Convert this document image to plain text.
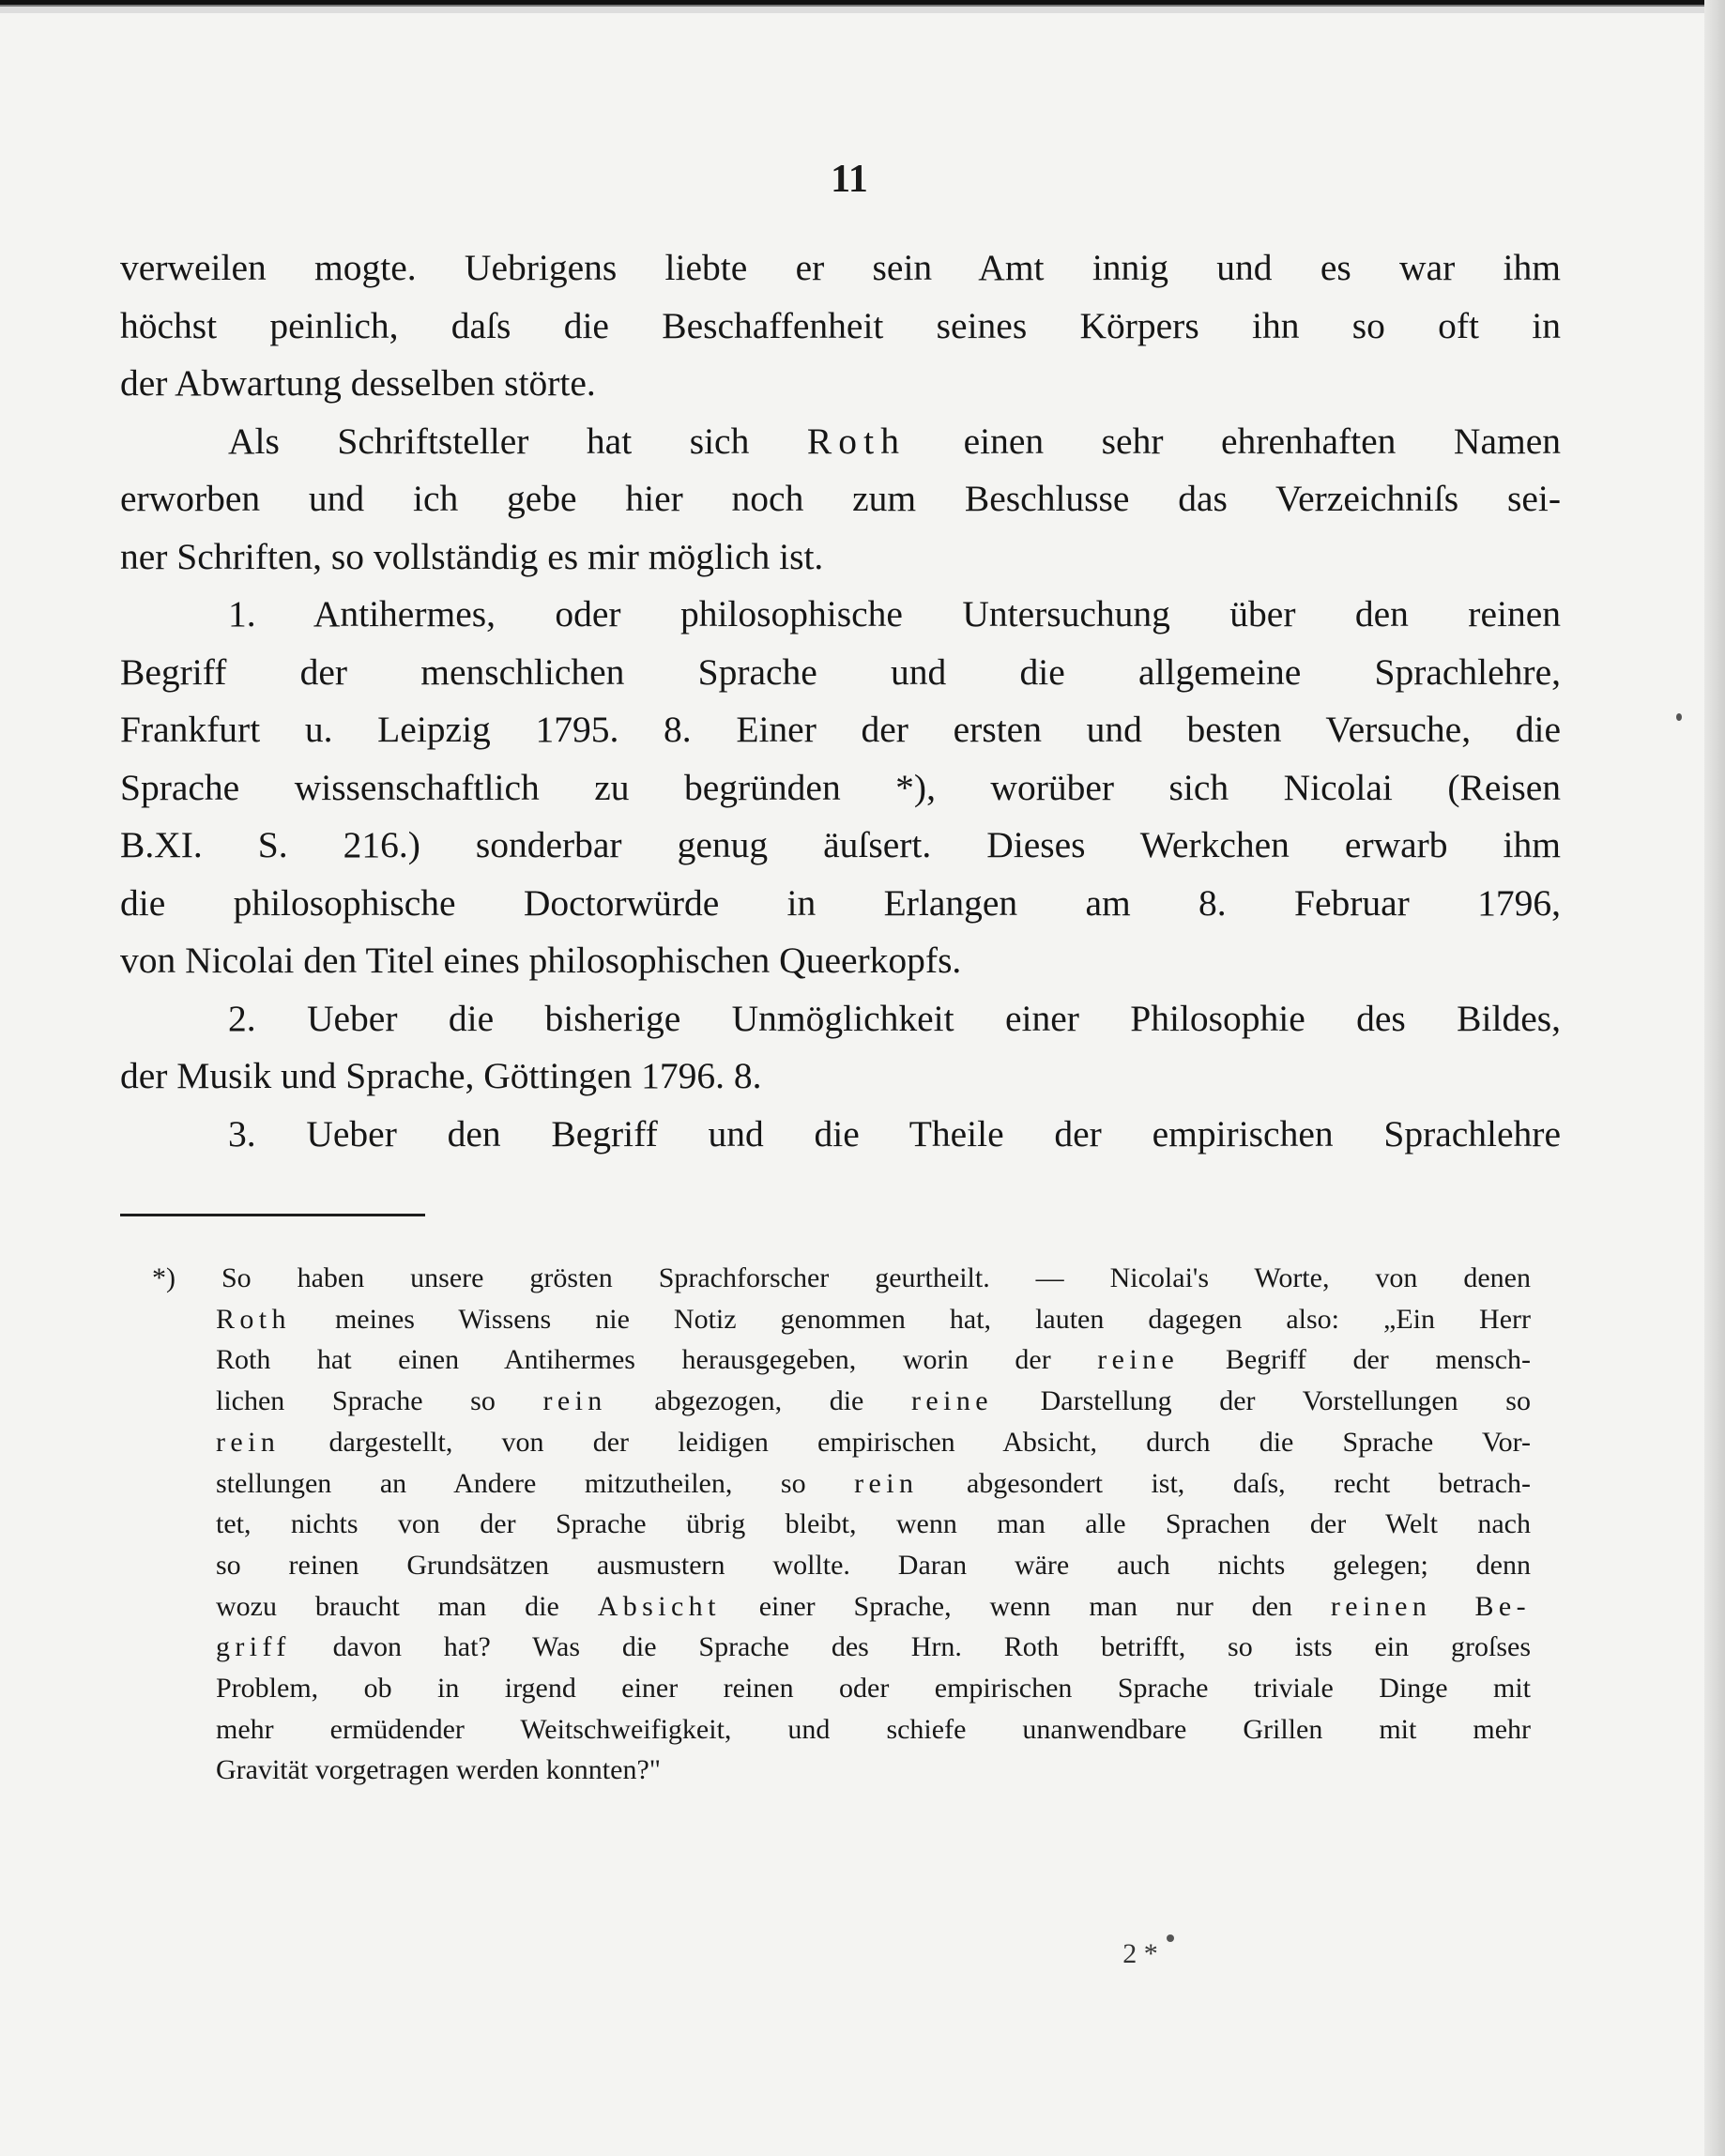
11
verweilen mogte. Uebrigens liebte er sein Amt innig und es war ihm
höchst peinlich, daſs die Beschaffenheit seines Körpers ihn so oft in
der Abwartung desselben störte.
Als Schriftsteller hat sich Roth einen sehr ehrenhaften Namen
erworben und ich gebe hier noch zum Beschlusse das Verzeichniſs sei-
ner Schriften, so vollständig es mir möglich ist.
1. Antihermes, oder philosophische Untersuchung über den reinen
Begriff der menschlichen Sprache und die allgemeine Sprachlehre,
Frankfurt u. Leipzig 1795. 8. Einer der ersten und besten Versuche, die
Sprache wissenschaftlich zu begründen *), worüber sich Nicolai (Reisen
B.XI. S. 216.) sonderbar genug äuſsert. Dieses Werkchen erwarb ihm
die philosophische Doctorwürde in Erlangen am 8. Februar 1796,
von Nicolai den Titel eines philosophischen Queerkopfs.
2. Ueber die bisherige Unmöglichkeit einer Philosophie des Bildes,
der Musik und Sprache, Göttingen 1796. 8.
3. Ueber den Begriff und die Theile der empirischen Sprachlehre
*) So haben unsere grösten Sprachforscher geurtheilt. — Nicolai's Worte, von denen
Roth meines Wissens nie Notiz genommen hat, lauten dagegen also: „Ein Herr
Roth hat einen Antihermes herausgegeben, worin der reine Begriff der mensch-
lichen Sprache so rein abgezogen, die reine Darstellung der Vorstellungen so
rein dargestellt, von der leidigen empirischen Absicht, durch die Sprache Vor-
stellungen an Andere mitzutheilen, so rein abgesondert ist, daſs, recht betrach-
tet, nichts von der Sprache übrig bleibt, wenn man alle Sprachen der Welt nach
so reinen Grundsätzen ausmustern wollte. Daran wäre auch nichts gelegen; denn
wozu braucht man die Absicht einer Sprache, wenn man nur den reinen Be-
griff davon hat? Was die Sprache des Hrn. Roth betrifft, so ists ein groſses
Problem, ob in irgend einer reinen oder empirischen Sprache triviale Dinge mit
mehr ermüdender Weitschweifigkeit, und schiefe unanwendbare Grillen mit mehr
Gravität vorgetragen werden konnten?"
2 *
